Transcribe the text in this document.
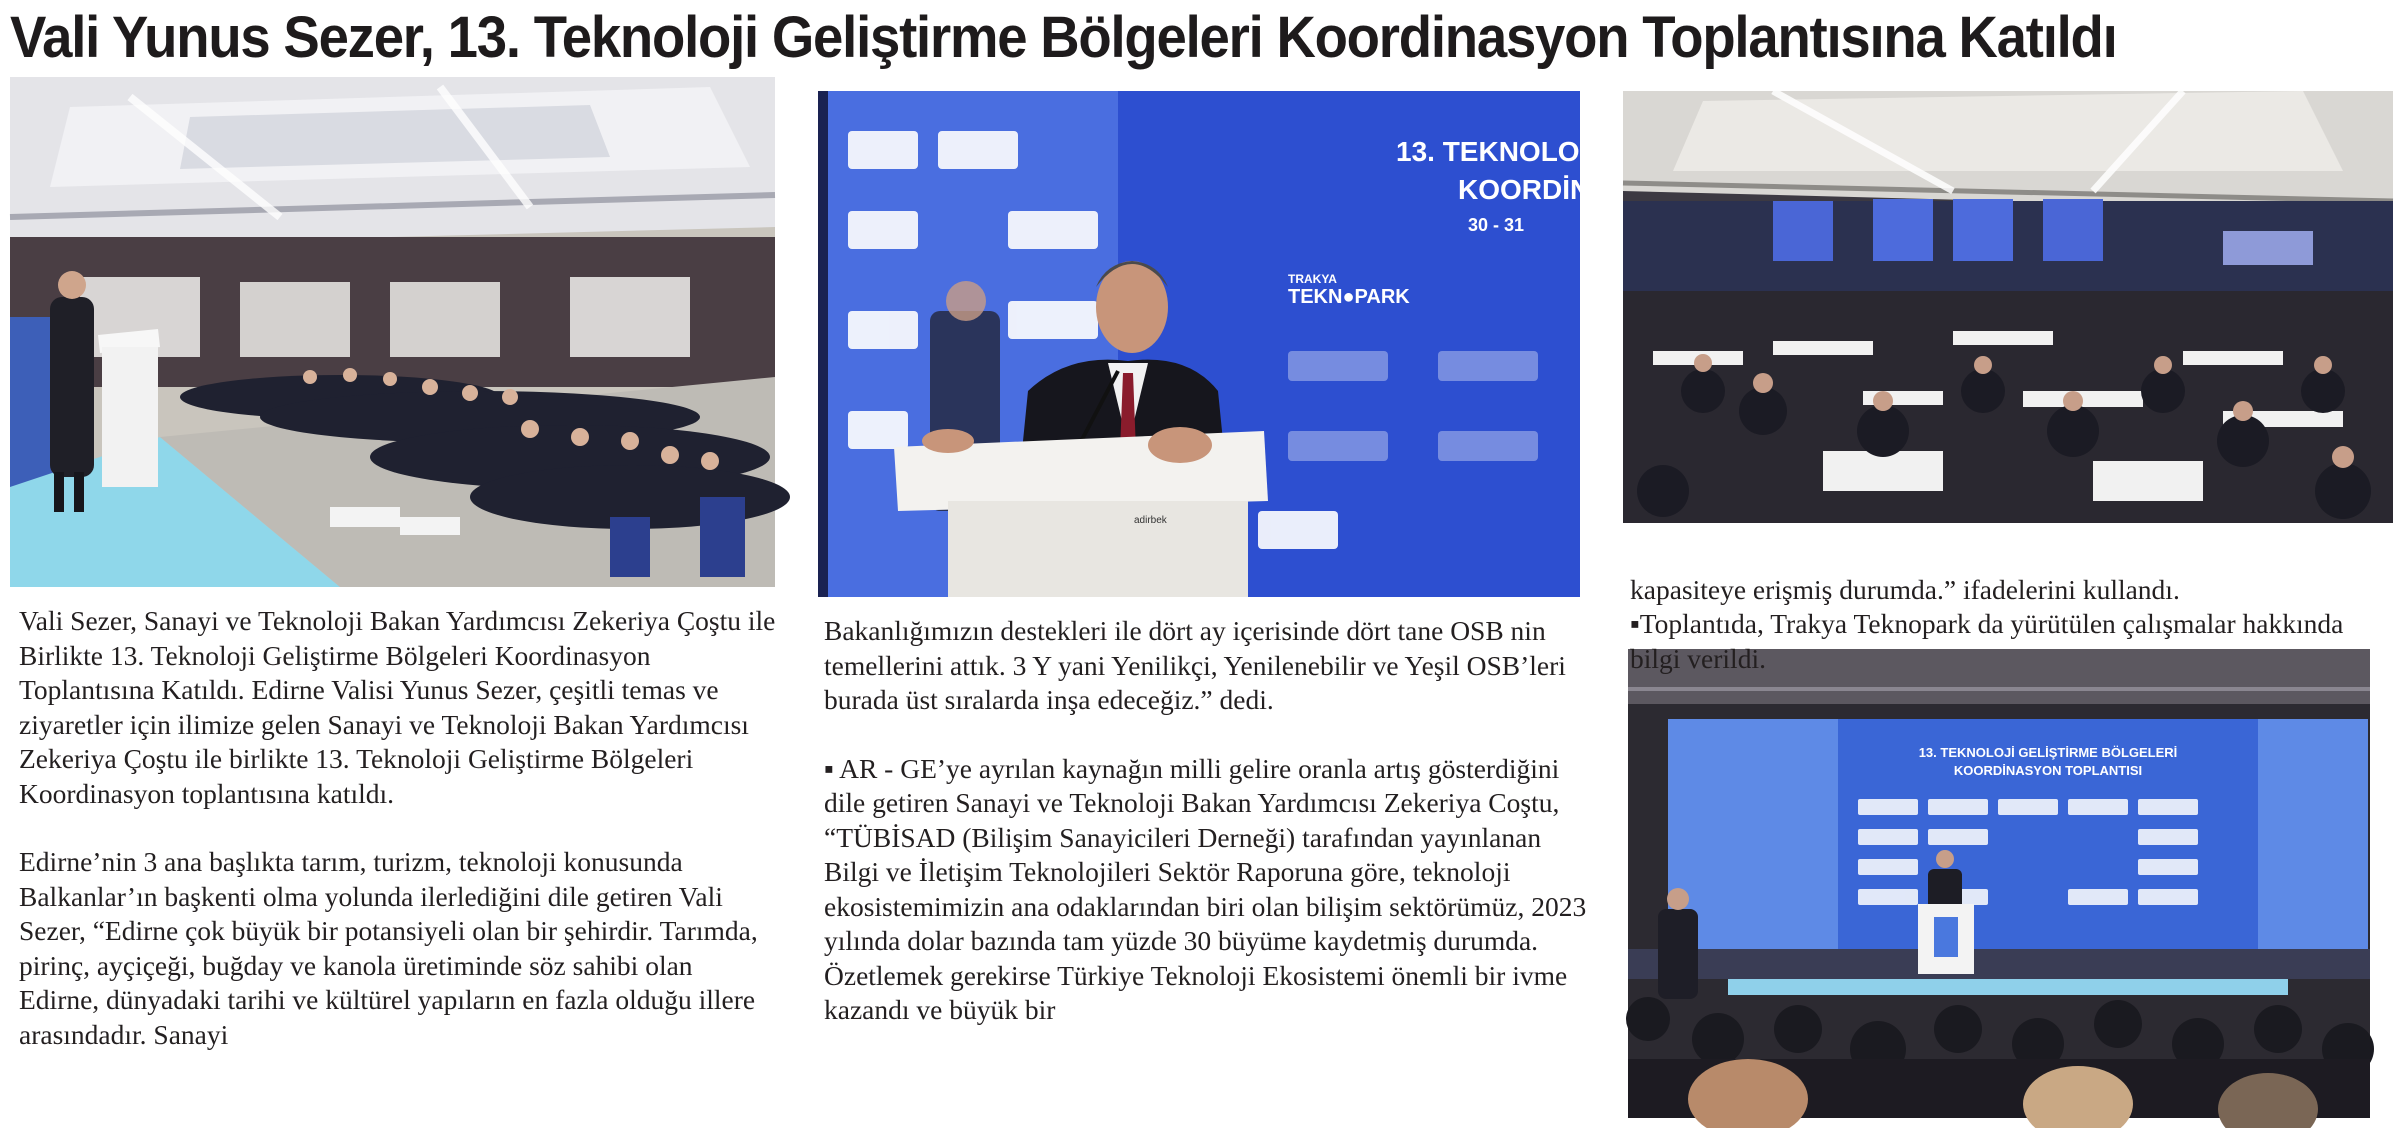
Vali Yunus Sezer, 13. Teknoloji Geliştirme Bölgeleri Koordinasyon Toplantısına Katıldı
13. TEKNOLOJİ
KOORDİN
30 - 31
TRAKYA
TEKN●PARK
adirbek
13. TEKNOLOJİ GELİŞTİRME BÖLGELERİ
KOORDİNASYON TOPLANTISI

Vali Sezer, Sanayi ve Teknoloji Bakan Yardımcısı Zekeriya Çoştu ile Birlikte 13. Teknoloji Geliştirme Bölgeleri Koordinasyon Toplantısına Katıldı. Edirne Valisi Yunus Sezer, çeşitli temas ve ziyaretler için ilimize gelen Sanayi ve Teknoloji Bakan Yardımcısı Zekeriya Çoştu ile birlikte 13. Teknoloji Geliştirme Bölgeleri Koordinasyon toplantısına katıldı.

Edirne’nin 3 ana başlıkta tarım, turizm, teknoloji konusunda Balkanlar’ın başkenti olma yolunda ilerlediğini dile getiren Vali Sezer, “Edirne çok büyük bir potansiyeli olan bir şehirdir. Tarımda, pirinç, ayçiçeği, buğday ve kanola üretiminde söz sahibi olan Edirne, dünyadaki tarihi ve kültürel yapıların en fazla olduğu illere arasındadır. Sanayi

Bakanlığımızın destekleri ile dört ay içerisinde dört tane OSB nin temellerini attık. 3 Y yani Yenilikçi, Yenilenebilir ve Yeşil OSB’leri burada üst sıralarda inşa edeceğiz.” dedi.

▪ AR - GE’ye ayrılan kaynağın milli gelire oranla artış gösterdiğini dile getiren Sanayi ve Teknoloji Bakan Yardımcısı Zekeriya Coştu, “TÜBİSAD (Bilişim Sanayicileri Derneği) tarafından yayınlanan Bilgi ve İletişim Teknolojileri Sektör Raporuna göre, teknoloji ekosistemimizin ana odaklarından biri olan bilişim sektörümüz, 2023 yılında dolar bazında tam yüzde 30 büyüme kaydetmiş durumda. Özetlemek gerekirse Türkiye Teknoloji Ekosistemi önemli bir ivme kazandı ve büyük bir

kapasiteye erişmiş durumda.” ifadelerini kullandı.
▪Toplantıda, Trakya Teknopark da yürütülen çalışmalar hakkında bilgi verildi.
